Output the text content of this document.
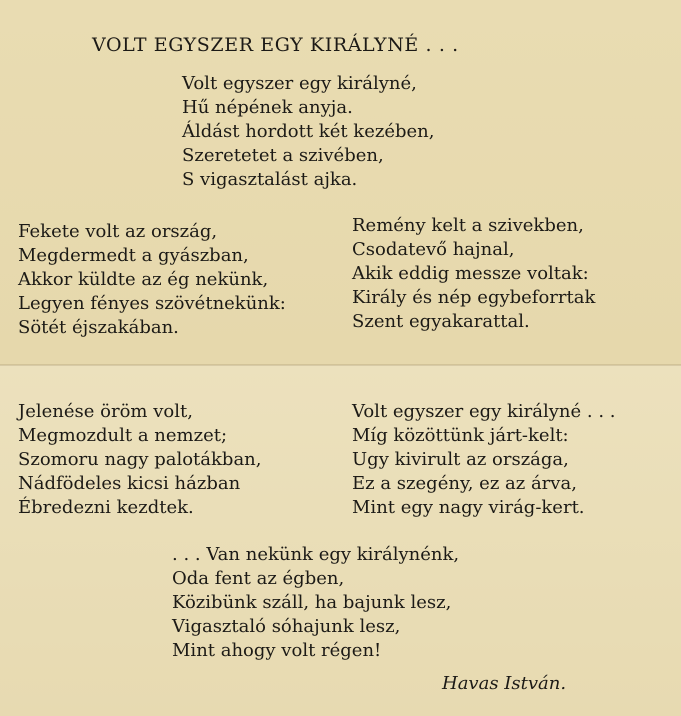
VOLT EGYSZER EGY KIRÁLYNÉ . . .
Volt egyszer egy királyné,
Hű népének anyja.
Áldást hordott két kezében,
Szeretetet a szivében,
S vigasztalást ajka.
Fekete volt az ország,
Megdermedt a gyászban,
Akkor küldte az ég nekünk,
Legyen fényes szövétnekünk:
Sötét éjszakában.
Remény kelt a szivekben,
Csodatevő hajnal,
Akik eddig messze voltak:
Király és nép egybeforrtak
Szent egyakarattal.
Jelenése öröm volt,
Megmozdult a nemzet;
Szomoru nagy palotákban,
Nádfödeles kicsi házban
Ébredezni kezdtek.
Volt egyszer egy királyné . . .
Míg közöttünk járt-kelt:
Ugy kivirult az országa,
Ez a szegény, ez az árva,
Mint egy nagy virág-kert.
. . . Van nekünk egy királynénk,
Oda fent az égben,
Közibünk száll, ha bajunk lesz,
Vigasztaló sóhajunk lesz,
Mint ahogy volt régen!
Havas István.
